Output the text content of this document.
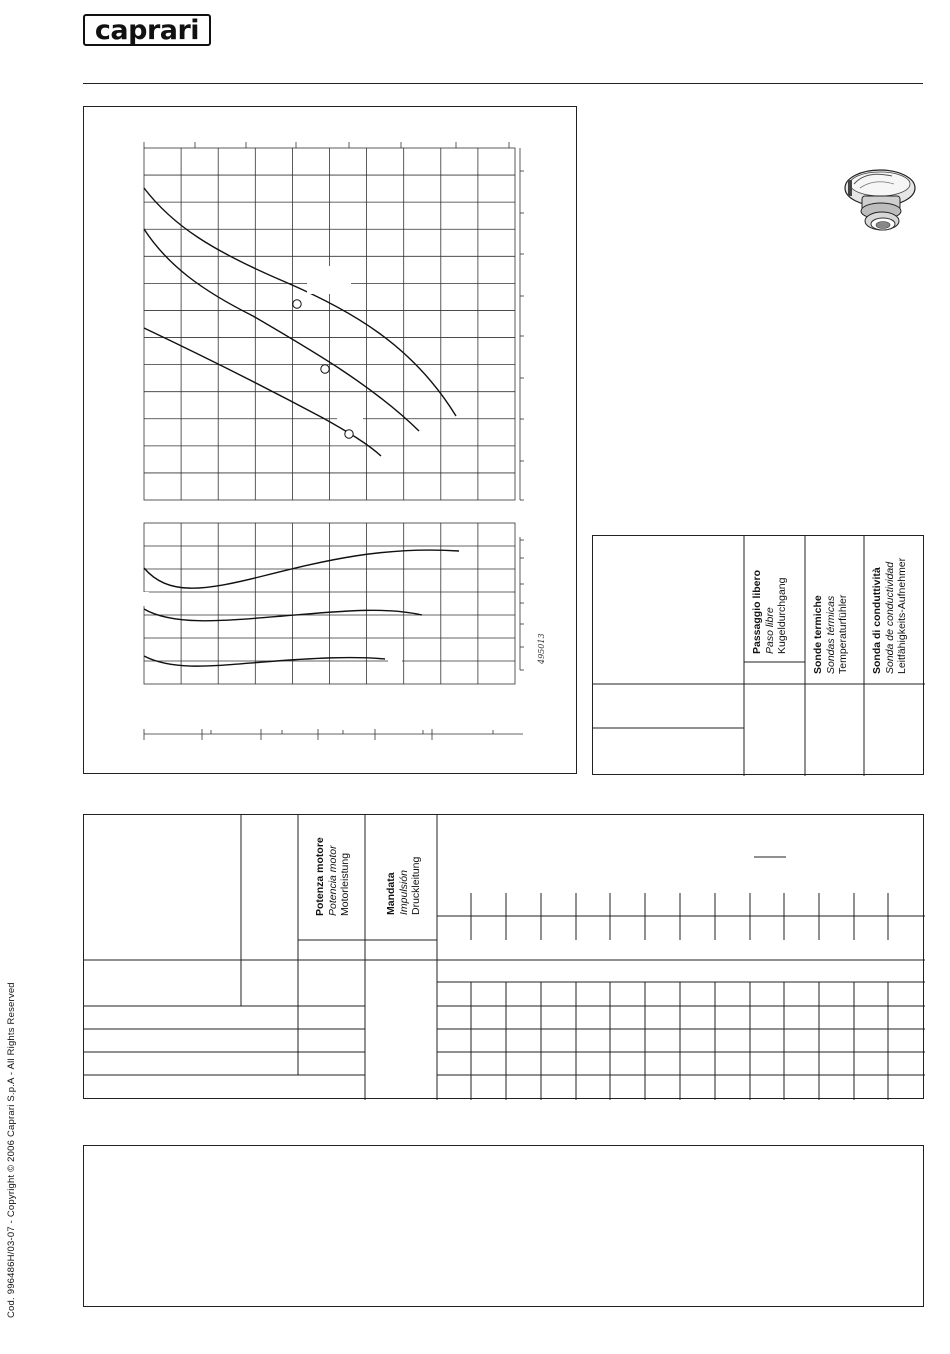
caprari
495013	Passaggio libero
Paso libre
Kugeldurchgang Sonde termiche
Sondas térmicas
Temperaturfühler Sonda di conduttività
Sonda de conductividad
Leitfähigkeits-Aufnehmer
Potenza motore
Potencia motor
Motorleistung	Mandata
Impulsión
Druckleitung
Cod. 996486H/03-07 - Copyright © 2006 Caprari S.p.A - All Rights Reserved
